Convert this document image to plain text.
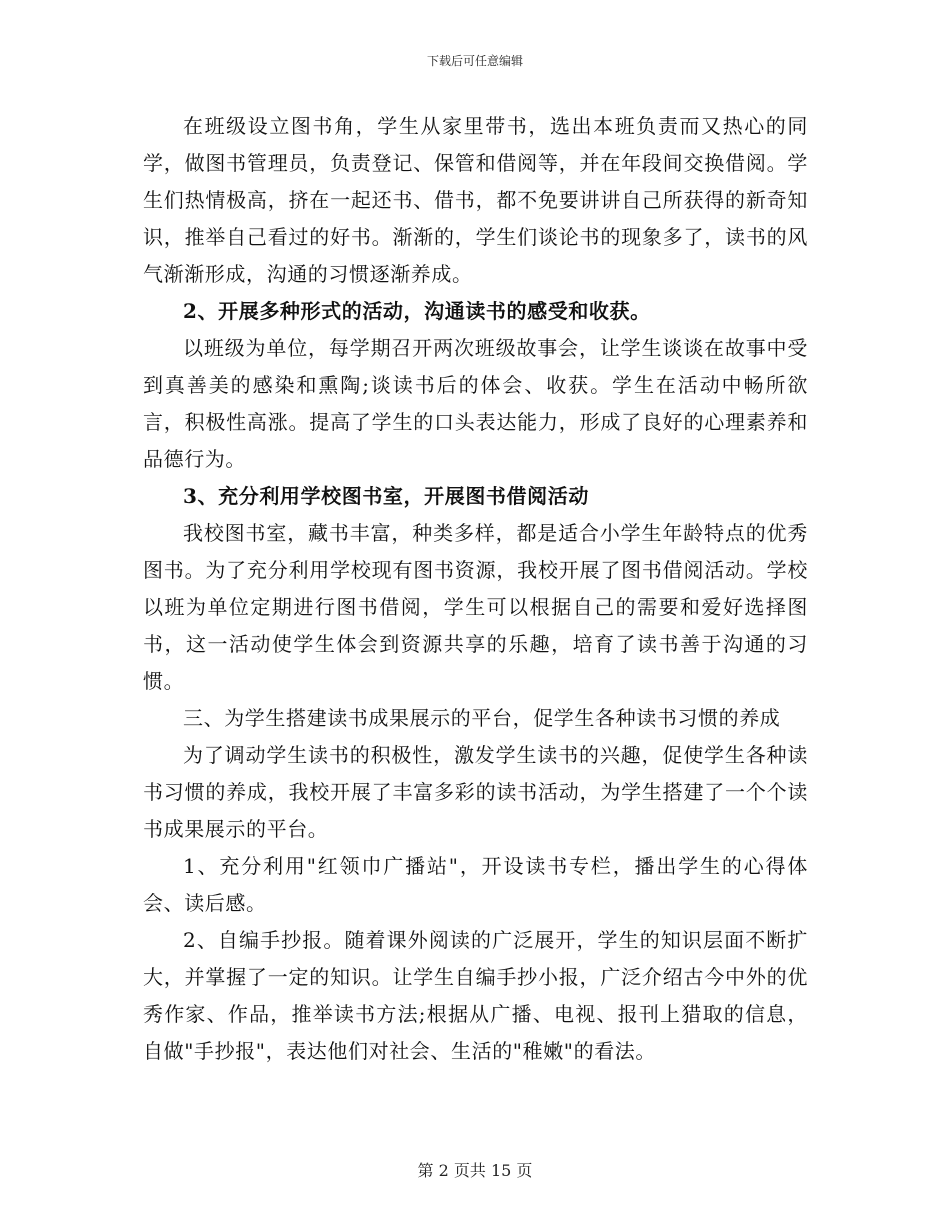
下载后可任意编辑

在班级设立图书角，学生从家里带书，选出本班负责而又热心的同学，做图书管理员，负责登记、保管和借阅等，并在年段间交换借阅。学生们热情极高，挤在一起还书、借书，都不免要讲讲自己所获得的新奇知识，推举自己看过的好书。渐渐的，学生们谈论书的现象多了，读书的风气渐渐形成，沟通的习惯逐渐养成。

2、开展多种形式的活动，沟通读书的感受和收获。

以班级为单位，每学期召开两次班级故事会，让学生谈谈在故事中受到真善美的感染和熏陶;谈读书后的体会、收获。学生在活动中畅所欲言，积极性高涨。提高了学生的口头表达能力，形成了良好的心理素养和品德行为。

3、充分利用学校图书室，开展图书借阅活动

我校图书室，藏书丰富，种类多样，都是适合小学生年龄特点的优秀图书。为了充分利用学校现有图书资源，我校开展了图书借阅活动。学校以班为单位定期进行图书借阅，学生可以根据自己的需要和爱好选择图书，这一活动使学生体会到资源共享的乐趣，培育了读书善于沟通的习惯。

三、为学生搭建读书成果展示的平台，促学生各种读书习惯的养成

为了调动学生读书的积极性，激发学生读书的兴趣，促使学生各种读书习惯的养成，我校开展了丰富多彩的读书活动，为学生搭建了一个个读书成果展示的平台。

1、充分利用"红领巾广播站"，开设读书专栏，播出学生的心得体会、读后感。

2、自编手抄报。随着课外阅读的广泛展开，学生的知识层面不断扩大，并掌握了一定的知识。让学生自编手抄小报，广泛介绍古今中外的优秀作家、作品，推举读书方法;根据从广播、电视、报刊上猎取的信息，自做"手抄报"，表达他们对社会、生活的"稚嫩"的看法。

第 2 页共 15 页
